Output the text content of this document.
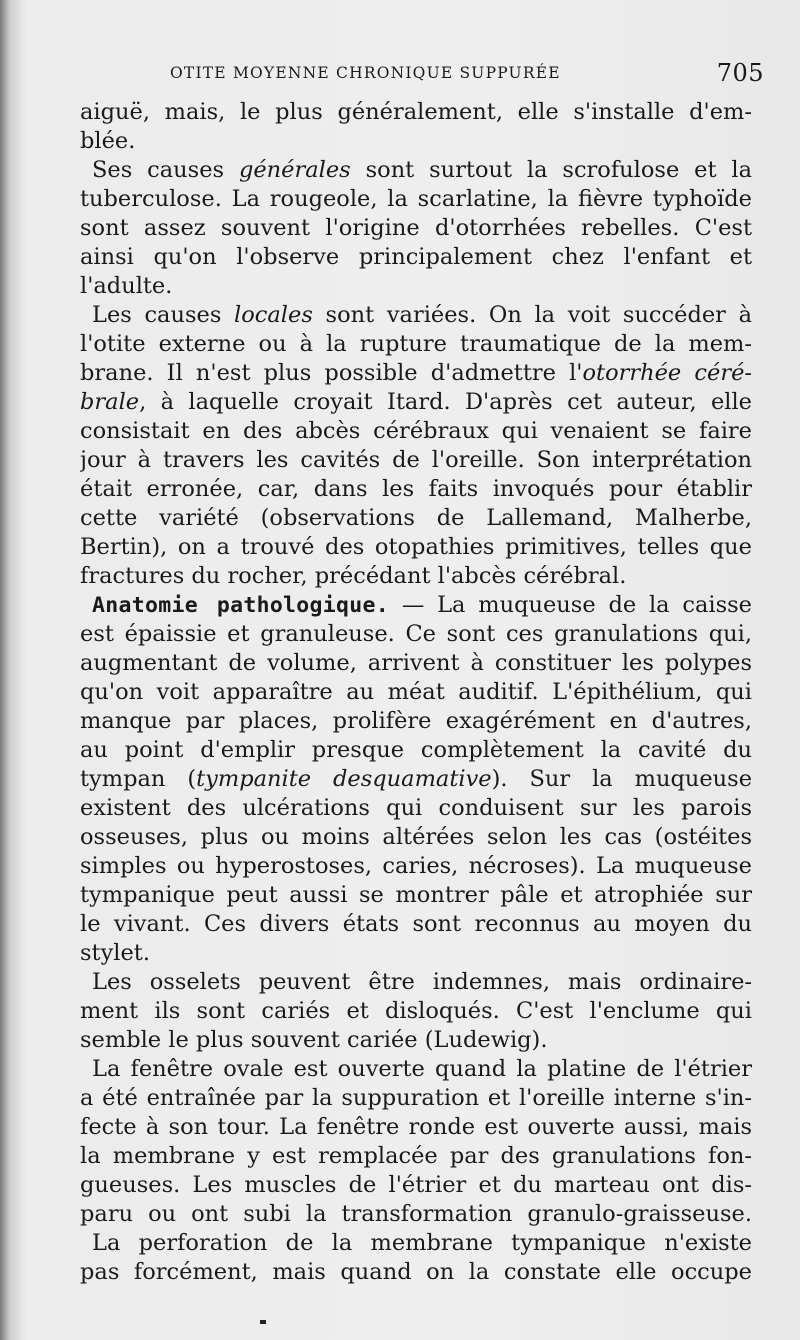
OTITE MOYENNE CHRONIQUE SUPPURÉE	705
aiguë, mais, le plus généralement, elle s'installe d'em-
blée.
Ses causes générales sont surtout la scrofulose et la
tuberculose. La rougeole, la scarlatine, la fièvre typhoïde
sont assez souvent l'origine d'otorrhées rebelles. C'est
ainsi qu'on l'observe principalement chez l'enfant et
l'adulte.
Les causes locales sont variées. On la voit succéder à
l'otite externe ou à la rupture traumatique de la mem-
brane. Il n'est plus possible d'admettre l'otorrhée céré-
brale, à laquelle croyait Itard. D'après cet auteur, elle
consistait en des abcès cérébraux qui venaient se faire
jour à travers les cavités de l'oreille. Son interprétation
était erronée, car, dans les faits invoqués pour établir
cette variété (observations de Lallemand, Malherbe,
Bertin), on a trouvé des otopathies primitives, telles que
fractures du rocher, précédant l'abcès cérébral.
Anatomie pathologique. — La muqueuse de la caisse
est épaissie et granuleuse. Ce sont ces granulations qui,
augmentant de volume, arrivent à constituer les polypes
qu'on voit apparaître au méat auditif. L'épithélium, qui
manque par places, prolifère exagérément en d'autres,
au point d'emplir presque complètement la cavité du
tympan (tympanite desquamative). Sur la muqueuse
existent des ulcérations qui conduisent sur les parois
osseuses, plus ou moins altérées selon les cas (ostéites
simples ou hyperostoses, caries, nécroses). La muqueuse
tympanique peut aussi se montrer pâle et atrophiée sur
le vivant. Ces divers états sont reconnus au moyen du
stylet.
Les osselets peuvent être indemnes, mais ordinaire-
ment ils sont cariés et disloqués. C'est l'enclume qui
semble le plus souvent cariée (Ludewig).
La fenêtre ovale est ouverte quand la platine de l'étrier
a été entraînée par la suppuration et l'oreille interne s'in-
fecte à son tour. La fenêtre ronde est ouverte aussi, mais
la membrane y est remplacée par des granulations fon-
gueuses. Les muscles de l'étrier et du marteau ont dis-
paru ou ont subi la transformation granulo-graisseuse.
La perforation de la membrane tympanique n'existe
pas forcément, mais quand on la constate elle occupe
